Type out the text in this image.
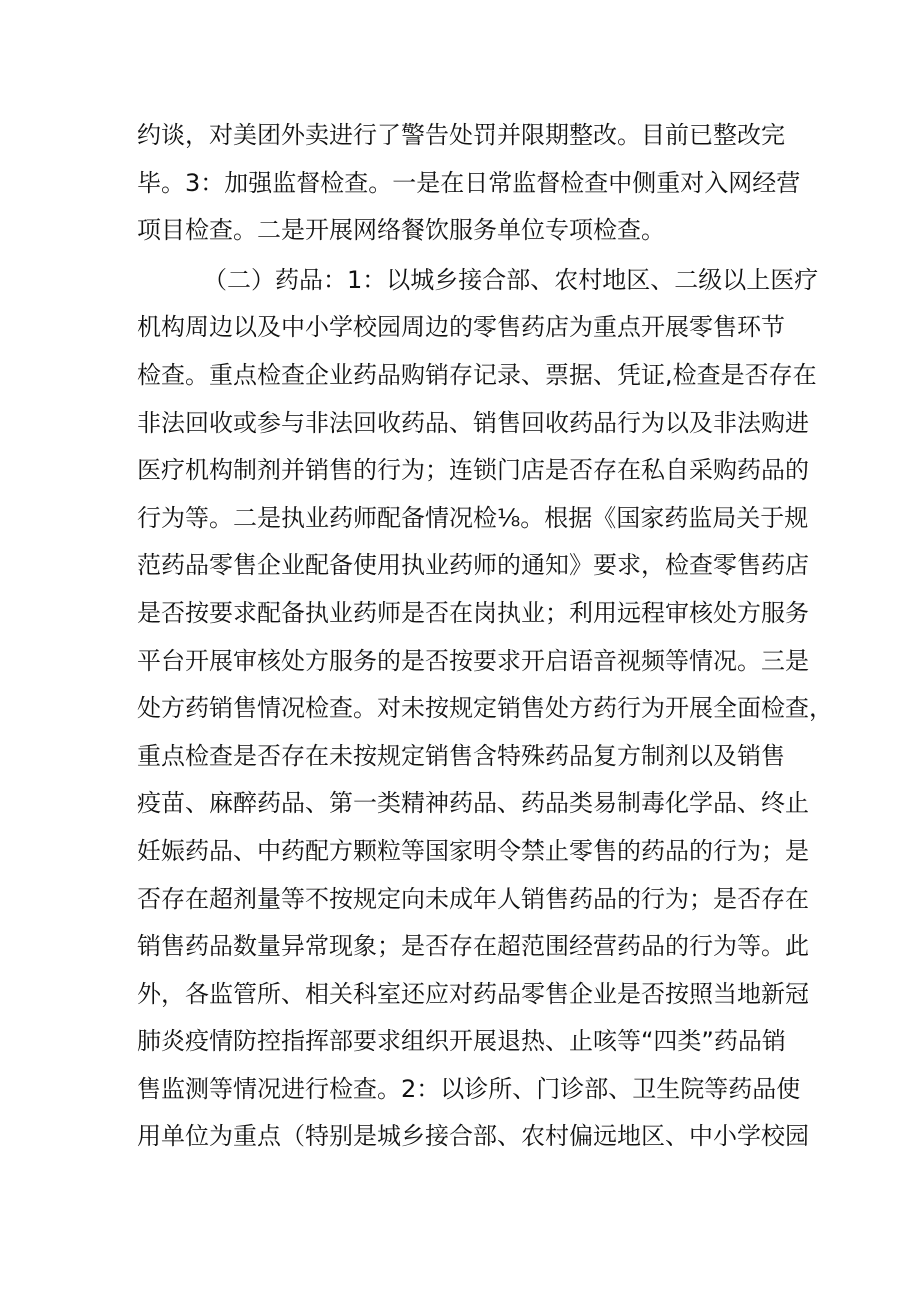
约谈，对美团外卖进行了警告处罚并限期整改。目前已整改完
毕。3：加强监督检查。一是在日常监督检查中侧重对入网经营
项目检查。二是开展网络餐饮服务单位专项检查。
（二）药品：1：以城乡接合部、农村地区、二级以上医疗
机构周边以及中小学校园周边的零售药店为重点开展零售环节
检查。重点检查企业药品购销存记录、票据、凭证,检查是否存在
非法回收或参与非法回收药品、销售回收药品行为以及非法购进
医疗机构制剂并销售的行为；连锁门店是否存在私自采购药品的
行为等。二是执业药师配备情况检⅛。根据《国家药监局关于规
范药品零售企业配备使用执业药师的通知》要求，检查零售药店
是否按要求配备执业药师是否在岗执业；利用远程审核处方服务
平台开展审核处方服务的是否按要求开启语音视频等情况。三是
处方药销售情况检查。对未按规定销售处方药行为开展全面检查，
重点检查是否存在未按规定销售含特殊药品复方制剂以及销售
疫苗、麻醉药品、第一类精神药品、药品类易制毒化学品、终止
妊娠药品、中药配方颗粒等国家明令禁止零售的药品的行为；是
否存在超剂量等不按规定向未成年人销售药品的行为；是否存在
销售药品数量异常现象；是否存在超范围经营药品的行为等。此
外，各监管所、相关科室还应对药品零售企业是否按照当地新冠
肺炎疫情防控指挥部要求组织开展退热、止咳等“四类”药品销
售监测等情况进行检查。2：以诊所、门诊部、卫生院等药品使
用单位为重点（特别是城乡接合部、农村偏远地区、中小学校园
